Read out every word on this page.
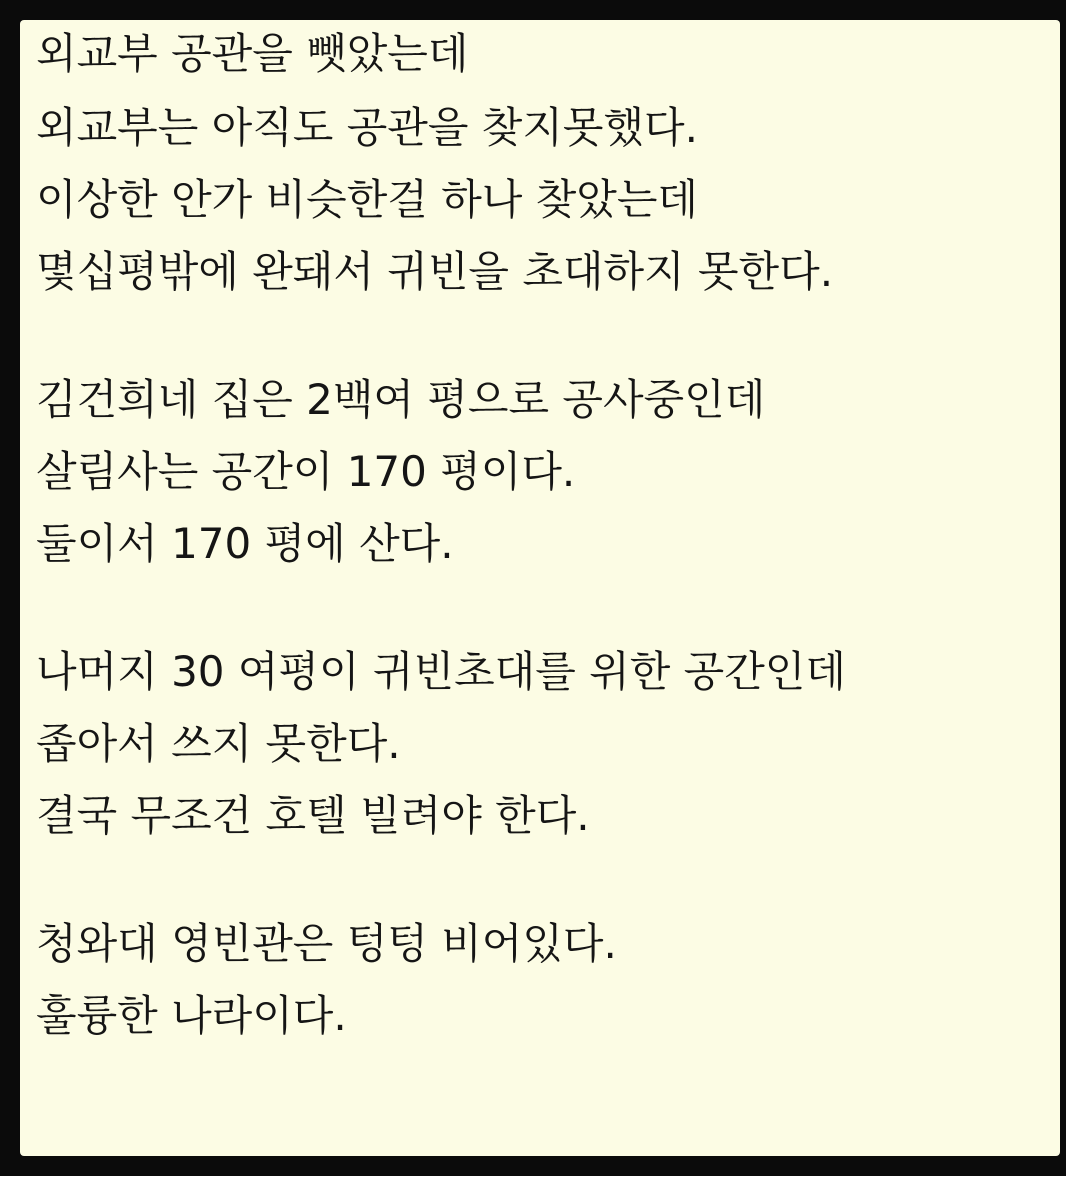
외교부 공관을 뺏았는데
외교부는 아직도 공관을 찾지못했다.
이상한 안가 비슷한걸 하나 찾았는데
몇십평밖에 완돼서 귀빈을 초대하지 못한다.
김건희네 집은 2백여 평으로 공사중인데
살림사는 공간이 170 평이다.
둘이서 170 평에 산다.
나머지 30 여평이 귀빈초대를 위한 공간인데
좁아서 쓰지 못한다.
결국 무조건 호텔 빌려야 한다.
청와대 영빈관은 텅텅 비어있다.
훌륭한 나라이다.
